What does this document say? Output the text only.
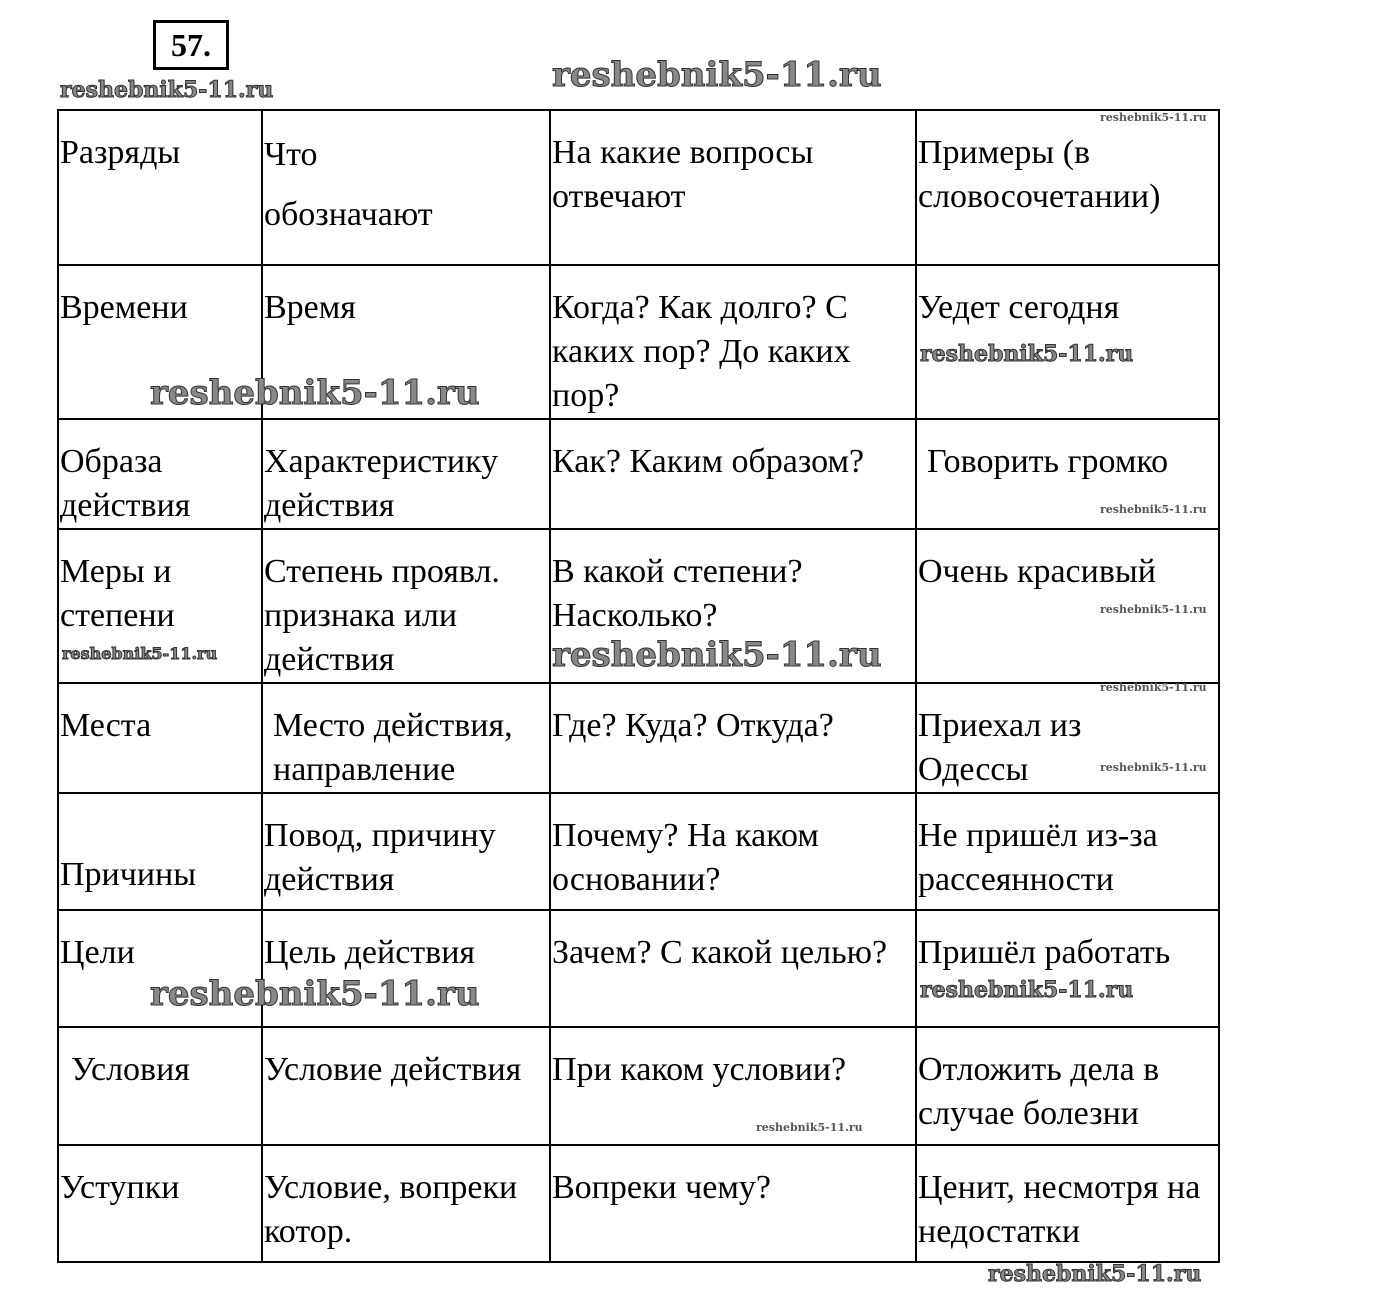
57.
Разряды	Что обозначают	На какие вопросы отвечают	Примеры (в словосочетании)
Времени	Время	Когда? Как долго? С каких пор? До каких пор?	Уедет сегодня
Образа действия	Характеристику действия	Как? Каким образом?	Говорить громко
Меры и степени	Степень проявл. признака или действия	В какой степени? Насколько?	Очень красивый
Места	Место действия, направление	Где? Куда? Откуда?	Приехал из Одессы
Причины	Повод, причину действия	Почему? На каком основании?	Не пришёл из-за рассеянности
Цели	Цель действия	Зачем? С какой целью?	Пришёл работать
Условия	Условие действия	При каком условии?	Отложить дела в случае болезни
Уступки	Условие, вопреки котор.	Вопреки чему?	Ценит, несмотря на недостатки
reshebnik5-11.ru	reshebnik5-11.ru
reshebnik5-11.ru
reshebnik5-11.ru
reshebnik5-11.ru
reshebnik5-11.ru
reshebnik5-11.ru
reshebnik5-11.ru
reshebnik5-11.ru
reshebnik5-11.ru
reshebnik5-11.ru
reshebnik5-11.ru	reshebnik5-11.ru
reshebnik5-11.ru
reshebnik5-11.ru
